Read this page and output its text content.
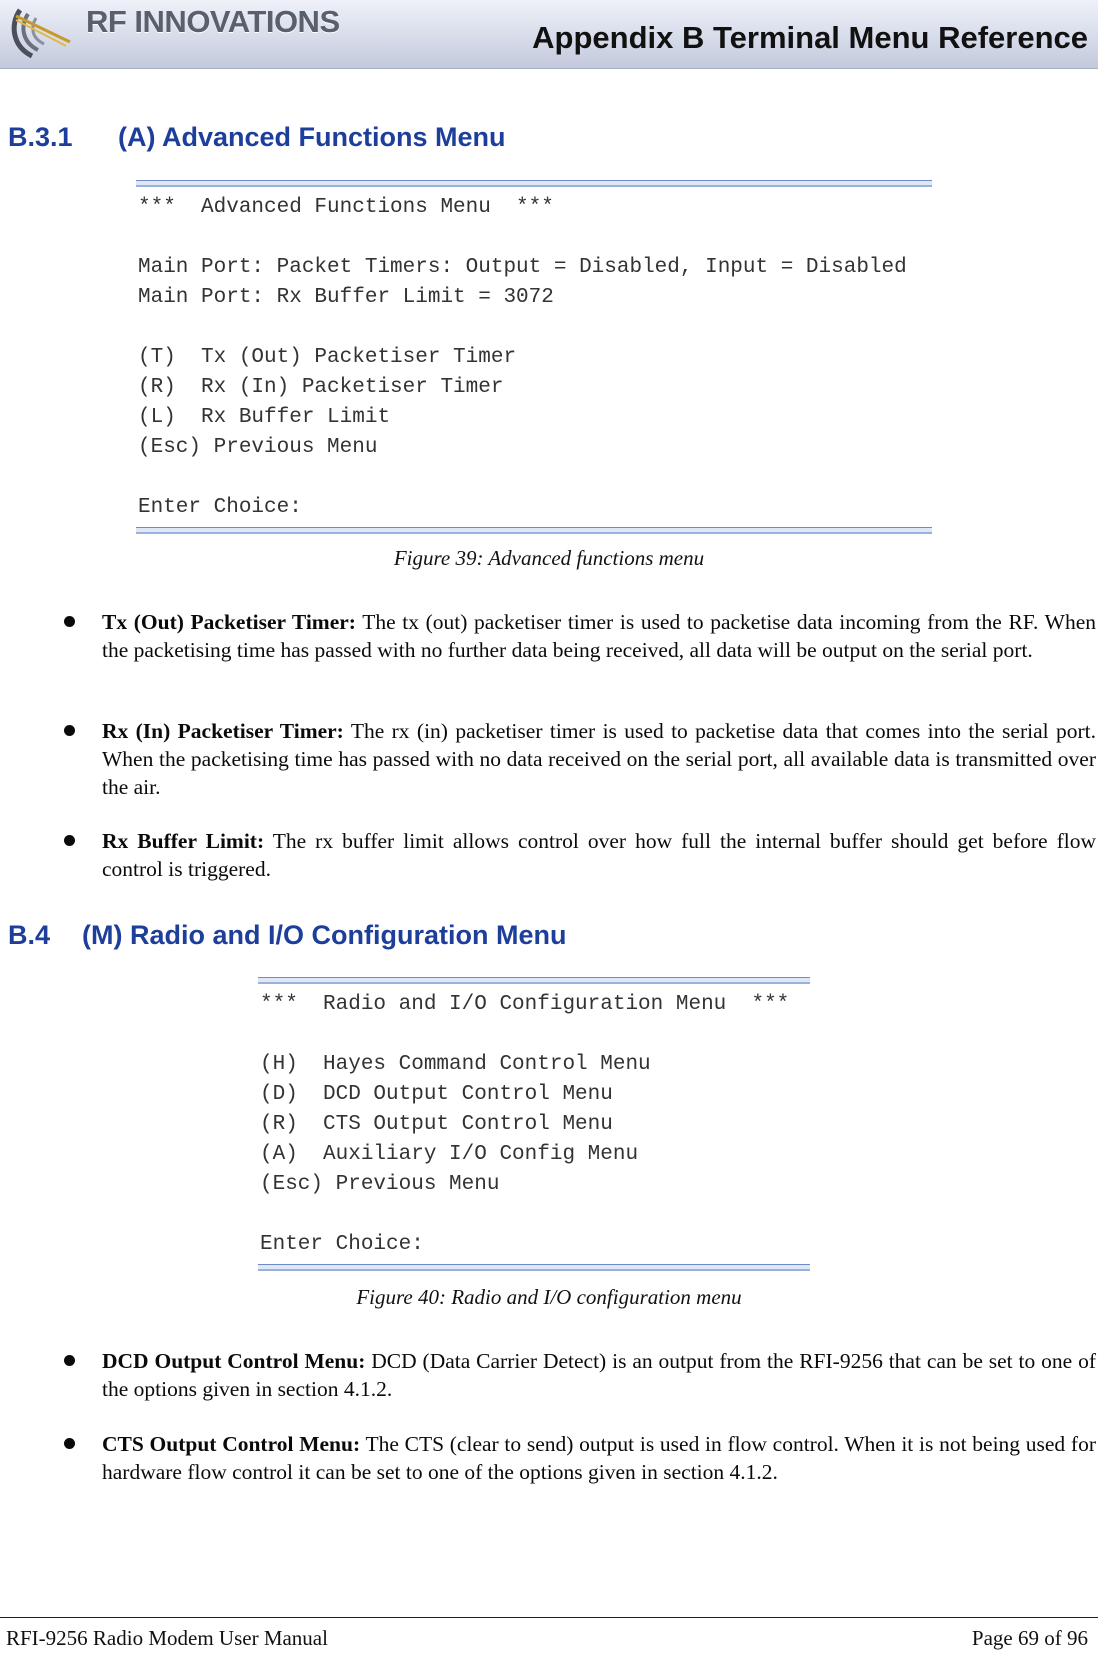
RF INNOVATIONS	Appendix B Terminal Menu Reference
B.3.1 (A) Advanced Functions Menu
***  Advanced Functions Menu  ***
Main Port: Packet Timers: Output = Disabled, Input = Disabled
Main Port: Rx Buffer Limit = 3072
(T)  Tx (Out) Packetiser Timer
(R)  Rx (In) Packetiser Timer
(L)  Rx Buffer Limit
(Esc) Previous Menu
Enter Choice:
Figure 39: Advanced functions menu
Tx (Out) Packetiser Timer: The tx (out) packetiser timer is used to packetise data incoming from the RF. When the packetising time has passed with no further data being received, all data will be output on the serial port.
Rx (In) Packetiser Timer: The rx (in) packetiser timer is used to packetise data that comes into the serial port. When the packetising time has passed with no data received on the serial port, all available data is transmitted over the air.
Rx Buffer Limit: The rx buffer limit allows control over how full the internal buffer should get before flow control is triggered.
B.4 (M) Radio and I/O Configuration Menu
***  Radio and I/O Configuration Menu  ***
(H)  Hayes Command Control Menu
(D)  DCD Output Control Menu
(R)  CTS Output Control Menu
(A)  Auxiliary I/O Config Menu
(Esc) Previous Menu
Enter Choice:
Figure 40: Radio and I/O configuration menu
DCD Output Control Menu: DCD (Data Carrier Detect) is an output from the RFI-9256 that can be set to one of the options given in section 4.1.2.
CTS Output Control Menu: The CTS (clear to send) output is used in flow control. When it is not being used for hardware flow control it can be set to one of the options given in section 4.1.2.
RFI-9256 Radio Modem User Manual	Page 69 of 96
